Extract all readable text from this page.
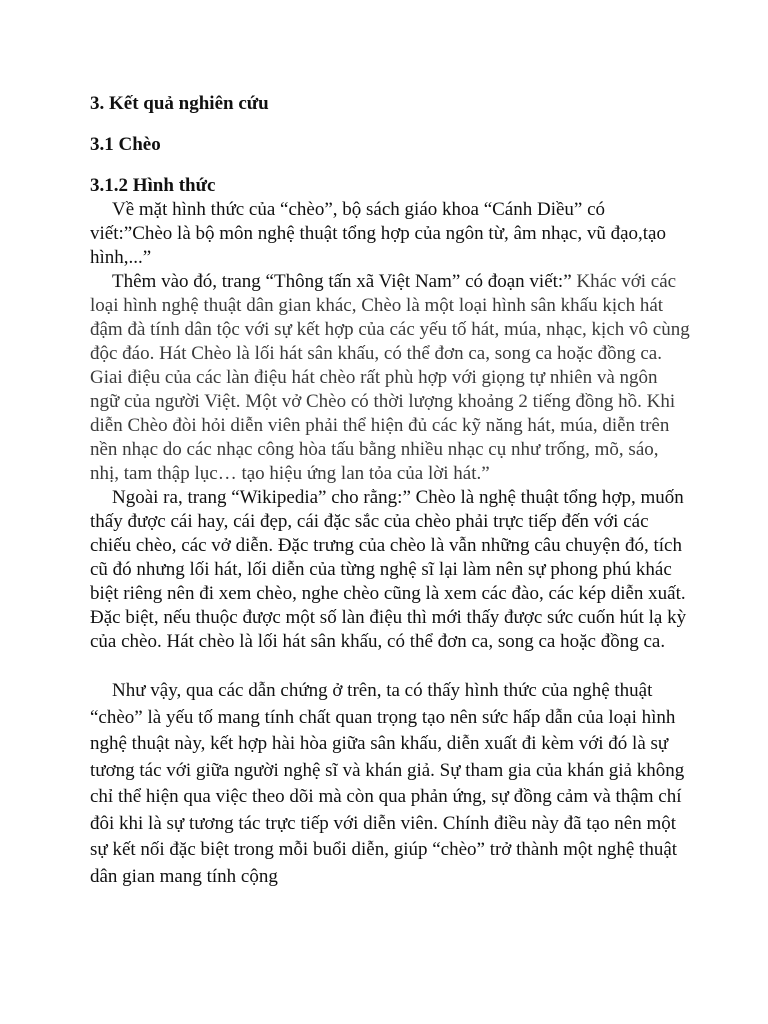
3. Kết quả nghiên cứu
3.1 Chèo
3.1.2 Hình thức

Về mặt hình thức của “chèo”, bộ sách giáo khoa “Cánh Diều” có viết:”Chèo là bộ môn nghệ thuật tổng hợp của ngôn từ, âm nhạc, vũ đạo,tạo hình,...”

Thêm vào đó, trang “Thông tấn xã Việt Nam” có đoạn viết:” Khác với các loại hình nghệ thuật dân gian khác, Chèo là một loại hình sân khấu kịch hát đậm đà tính dân tộc với sự kết hợp của các yếu tố hát, múa, nhạc, kịch vô cùng độc đáo. Hát Chèo là lối hát sân khấu, có thể đơn ca, song ca hoặc đồng ca. Giai điệu của các làn điệu hát chèo rất phù hợp với giọng tự nhiên và ngôn ngữ của người Việt. Một vở Chèo có thời lượng khoảng 2 tiếng đồng hồ. Khi diễn Chèo đòi hỏi diễn viên phải thể hiện đủ các kỹ năng hát, múa, diễn trên nền nhạc do các nhạc công hòa tấu bằng nhiều nhạc cụ như trống, mõ, sáo, nhị, tam thập lục… tạo hiệu ứng lan tỏa của lời hát.”

Ngoài ra, trang “Wikipedia” cho rằng:” Chèo là nghệ thuật tổng hợp, muốn thấy được cái hay, cái đẹp, cái đặc sắc của chèo phải trực tiếp đến với các chiếu chèo, các vở diễn. Đặc trưng của chèo là vẫn những câu chuyện đó, tích cũ đó nhưng lối hát, lối diễn của từng nghệ sĩ lại làm nên sự phong phú khác biệt riêng nên đi xem chèo, nghe chèo cũng là xem các đào, các kép diễn xuất. Đặc biệt, nếu thuộc được một số làn điệu thì mới thấy được sức cuốn hút lạ kỳ của chèo. Hát chèo là lối hát sân khấu, có thể đơn ca, song ca hoặc đồng ca.

Như vậy, qua các dẫn chứng ở trên, ta có thấy hình thức của nghệ thuật “chèo” là yếu tố mang tính chất quan trọng tạo nên sức hấp dẫn của loại hình nghệ thuật này, kết hợp hài hòa giữa sân khấu, diễn xuất đi kèm với đó là sự tương tác với giữa người nghệ sĩ và khán giả. Sự tham gia của khán giả không chỉ thể hiện qua việc theo dõi mà còn qua phản ứng, sự đồng cảm và thậm chí đôi khi là sự tương tác trực tiếp với diễn viên. Chính điều này đã tạo nên một sự kết nối đặc biệt trong mỗi buổi diễn, giúp “chèo” trở thành một nghệ thuật dân gian mang tính cộng
